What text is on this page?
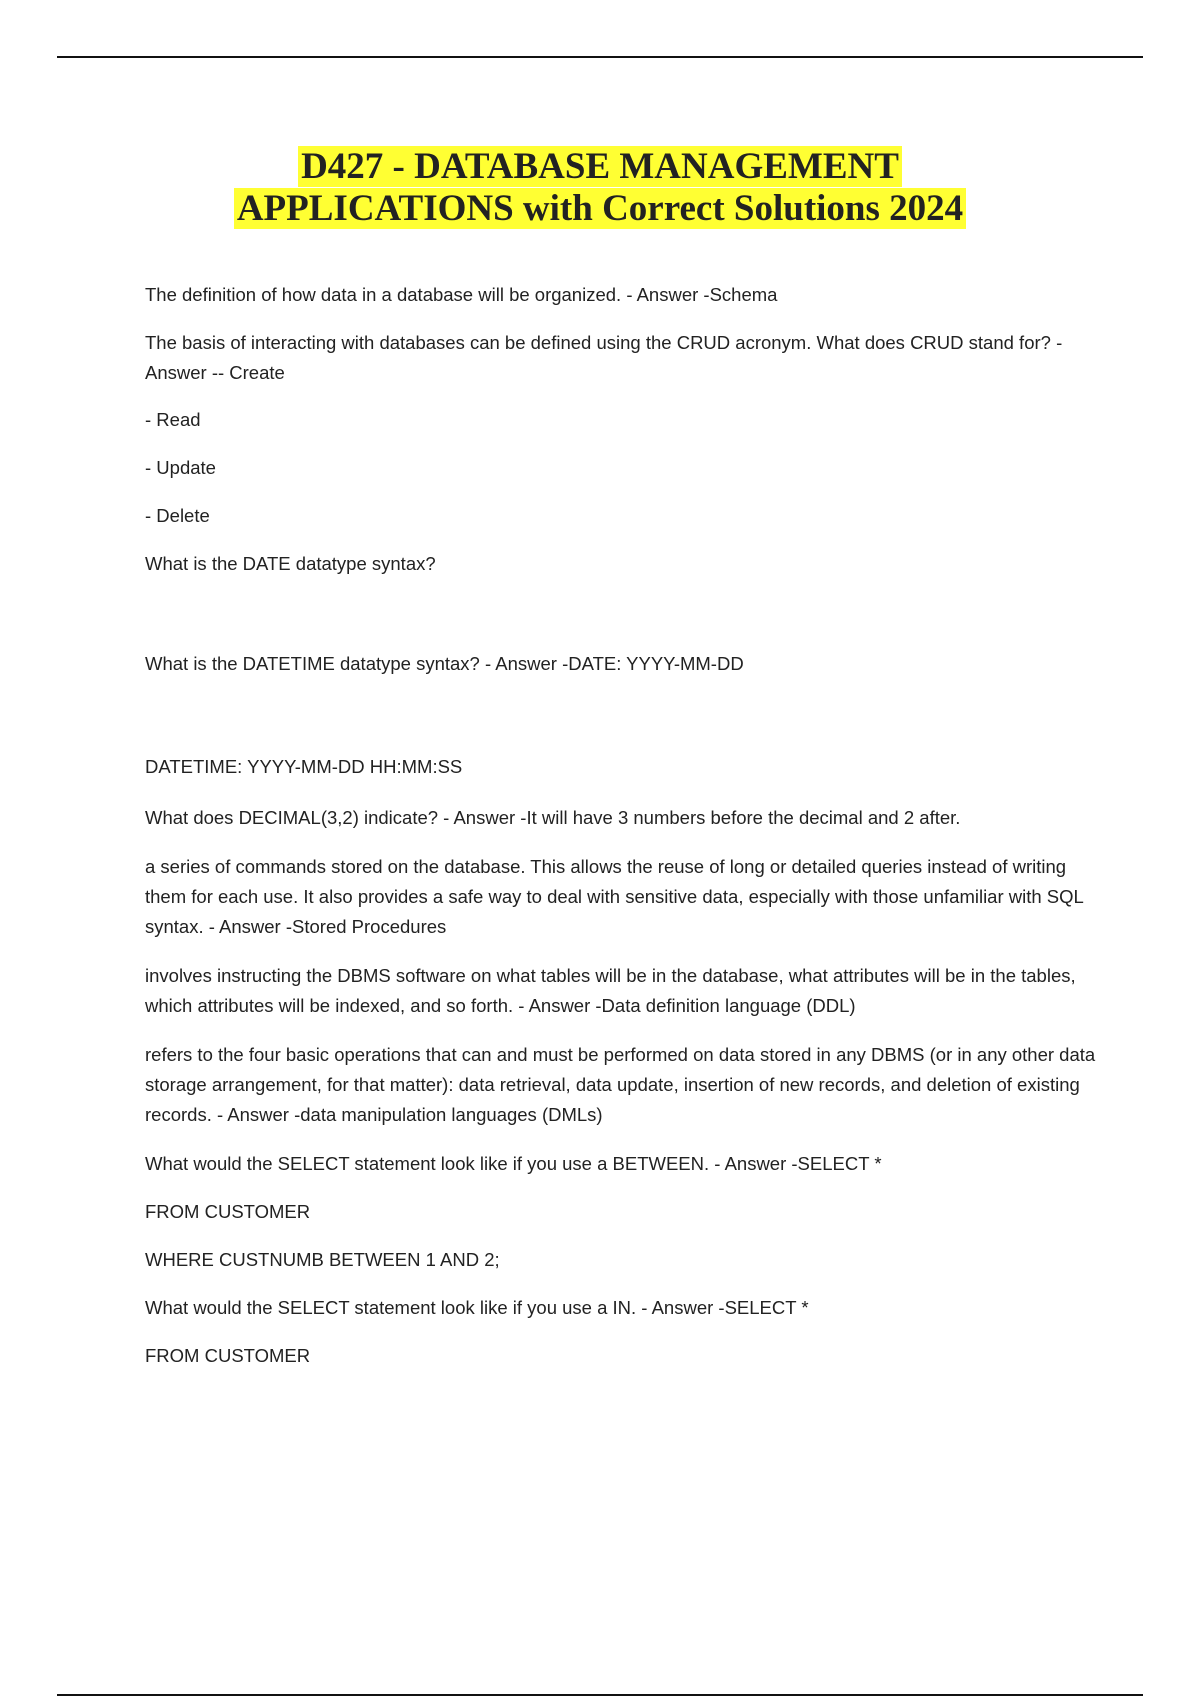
D427 - DATABASE MANAGEMENT
APPLICATIONS with Correct Solutions 2024

The definition of how data in a database will be organized. - Answer -Schema

The basis of interacting with databases can be defined using the CRUD acronym. What does CRUD stand for? - Answer -- Create

- Read

- Update

- Delete

What is the DATE datatype syntax?

What is the DATETIME datatype syntax? - Answer -DATE: YYYY-MM-DD

DATETIME: YYYY-MM-DD HH:MM:SS

What does DECIMAL(3,2) indicate? - Answer -It will have 3 numbers before the decimal and 2 after.

a series of commands stored on the database. This allows the reuse of long or detailed queries instead of writing them for each use. It also provides a safe way to deal with sensitive data, especially with those unfamiliar with SQL syntax. - Answer -Stored Procedures

involves instructing the DBMS software on what tables will be in the database, what attributes will be in the tables, which attributes will be indexed, and so forth. - Answer -Data definition language (DDL)

refers to the four basic operations that can and must be performed on data stored in any DBMS (or in any other data storage arrangement, for that matter): data retrieval, data update, insertion of new records, and deletion of existing records. - Answer -data manipulation languages (DMLs)

What would the SELECT statement look like if you use a BETWEEN. - Answer -SELECT *

FROM CUSTOMER

WHERE CUSTNUMB BETWEEN 1 AND 2;

What would the SELECT statement look like if you use a IN. - Answer -SELECT *

FROM CUSTOMER
